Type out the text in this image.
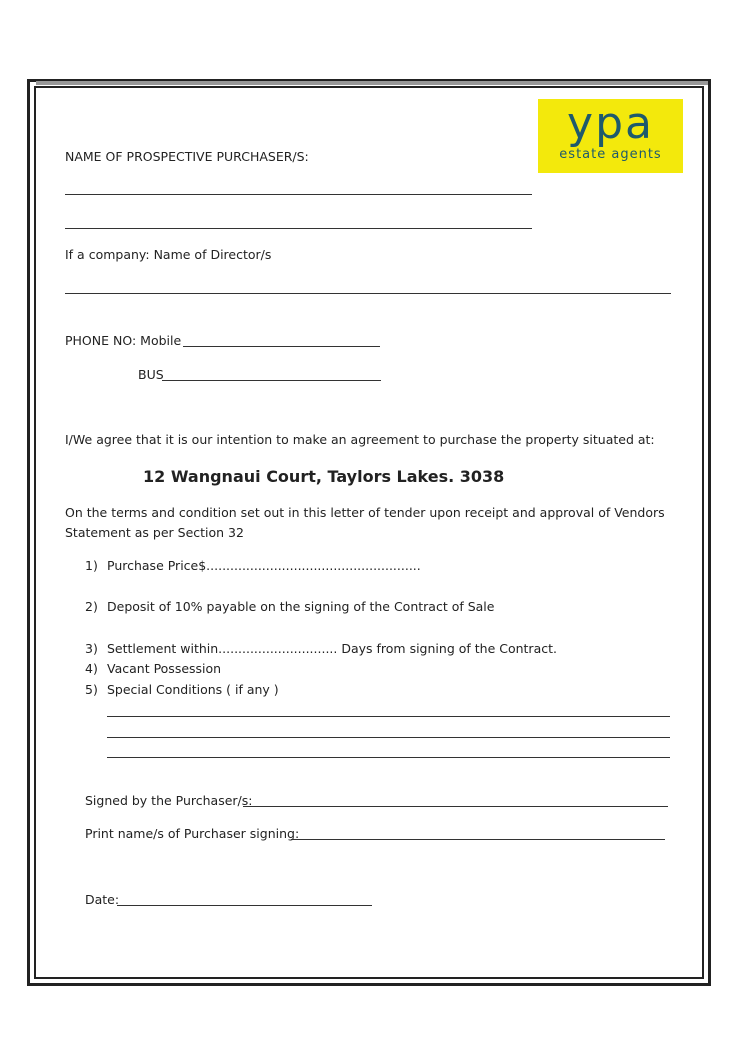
ypa
estate agents
NAME OF PROSPECTIVE PURCHASER/S:
If a company: Name of Director/s
PHONE NO: Mobile
BUS
I/We agree that it is our intention to make an agreement to purchase the property situated at:
12 Wangnaui Court, Taylors Lakes. 3038
On the terms and condition set out in this letter of tender upon receipt and approval of Vendors
Statement as per Section 32
1) Purchase Price$......................................................
2) Deposit of 10% payable on the signing of the Contract of Sale
3) Settlement within.............................. Days from signing of the Contract.
4) Vacant Possession
5) Special Conditions ( if any )
Signed by the Purchaser/s:
Print name/s of Purchaser signing:
Date:
